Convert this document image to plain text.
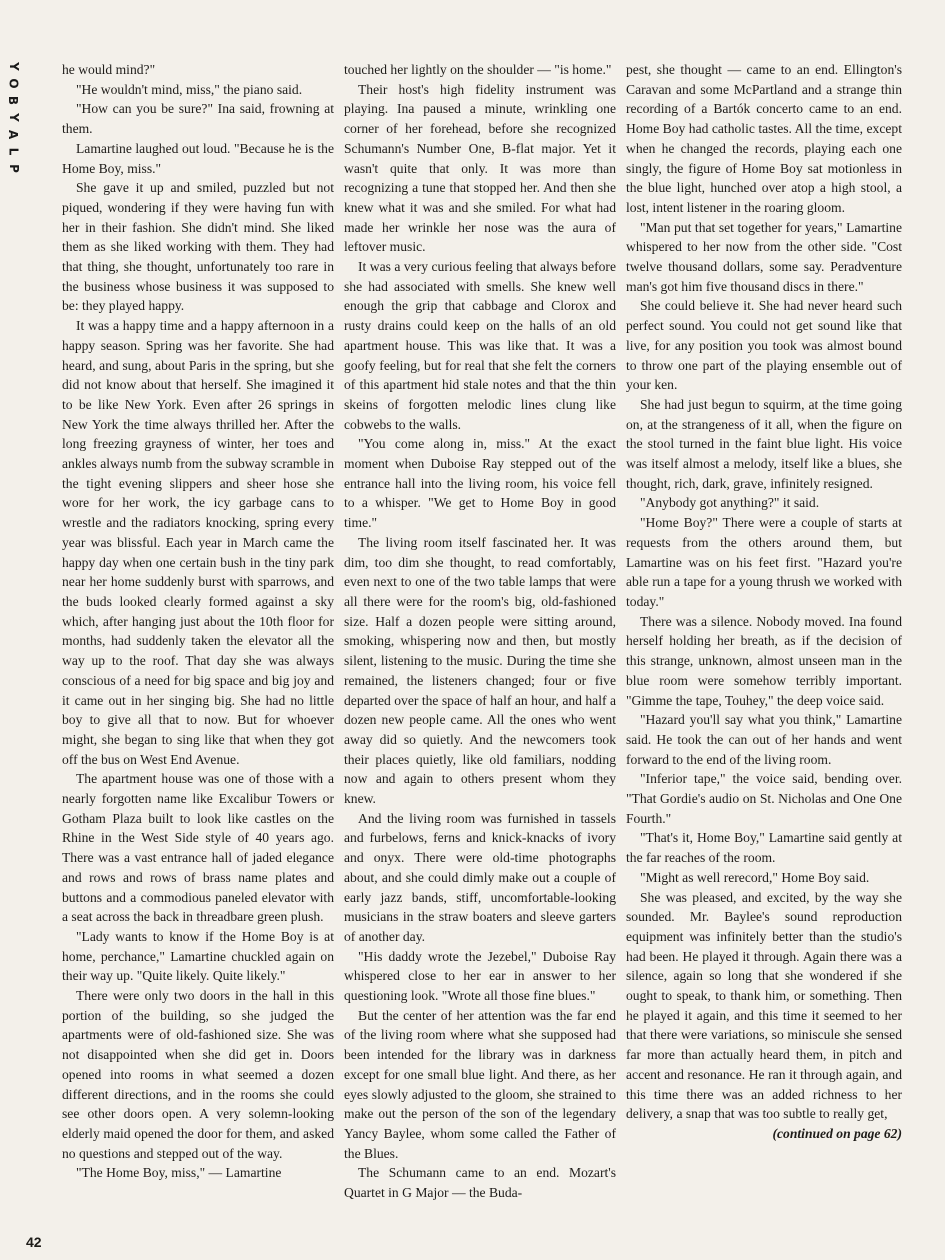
Y
O
B
Y
A
L
P

he would mind?"

"He wouldn't mind, miss," the piano said.

"How can you be sure?" Ina said, frowning at them.

Lamartine laughed out loud. "Because he is the Home Boy, miss."

She gave it up and smiled, puzzled but not piqued, wondering if they were having fun with her in their fashion. She didn't mind. She liked them as she liked working with them. They had that thing, she thought, unfortunately too rare in the business whose business it was supposed to be: they played happy.

It was a happy time and a happy afternoon in a happy season. Spring was her favorite. She had heard, and sung, about Paris in the spring, but she did not know about that herself. She imagined it to be like New York. Even after 26 springs in New York the time always thrilled her. After the long freezing grayness of winter, her toes and ankles always numb from the subway scramble in the tight evening slippers and sheer hose she wore for her work, the icy garbage cans to wrestle and the radiators knocking, spring every year was blissful. Each year in March came the happy day when one certain bush in the tiny park near her home suddenly burst with sparrows, and the buds looked clearly formed against a sky which, after hanging just about the 10th floor for months, had suddenly taken the elevator all the way up to the roof. That day she was always conscious of a need for big space and big joy and it came out in her singing big. She had no little boy to give all that to now. But for whoever might, she began to sing like that when they got off the bus on West End Avenue.

The apartment house was one of those with a nearly forgotten name like Excalibur Towers or Gotham Plaza built to look like castles on the Rhine in the West Side style of 40 years ago. There was a vast entrance hall of jaded elegance and rows and rows of brass name plates and buttons and a commodious paneled elevator with a seat across the back in threadbare green plush.

"Lady wants to know if the Home Boy is at home, perchance," Lamartine chuckled again on their way up. "Quite likely. Quite likely."

There were only two doors in the hall in this portion of the building, so she judged the apartments were of old-fashioned size. She was not disappointed when she did get in. Doors opened into rooms in what seemed a dozen different directions, and in the rooms she could see other doors open. A very solemn-looking elderly maid opened the door for them, and asked no questions and stepped out of the way.

"The Home Boy, miss," — Lamartine

touched her lightly on the shoulder — "is home."

Their host's high fidelity instrument was playing. Ina paused a minute, wrinkling one corner of her forehead, before she recognized Schumann's Number One, B-flat major. Yet it wasn't quite that only. It was more than recognizing a tune that stopped her. And then she knew what it was and she smiled. For what had made her wrinkle her nose was the aura of leftover music.

It was a very curious feeling that always before she had associated with smells. She knew well enough the grip that cabbage and Clorox and rusty drains could keep on the halls of an old apartment house. This was like that. It was a goofy feeling, but for real that she felt the corners of this apartment hid stale notes and that the thin skeins of forgotten melodic lines clung like cobwebs to the walls.

"You come along in, miss." At the exact moment when Duboise Ray stepped out of the entrance hall into the living room, his voice fell to a whisper. "We get to Home Boy in good time."

The living room itself fascinated her. It was dim, too dim she thought, to read comfortably, even next to one of the two table lamps that were all there were for the room's big, old-fashioned size. Half a dozen people were sitting around, smoking, whispering now and then, but mostly silent, listening to the music. During the time she remained, the listeners changed; four or five departed over the space of half an hour, and half a dozen new people came. All the ones who went away did so quietly. And the newcomers took their places quietly, like old familiars, nodding now and again to others present whom they knew.

And the living room was furnished in tassels and furbelows, ferns and knick-knacks of ivory and onyx. There were old-time photographs about, and she could dimly make out a couple of early jazz bands, stiff, uncomfortable-looking musicians in the straw boaters and sleeve garters of another day.

"His daddy wrote the Jezebel," Duboise Ray whispered close to her ear in answer to her questioning look. "Wrote all those fine blues."

But the center of her attention was the far end of the living room where what she supposed had been intended for the library was in darkness except for one small blue light. And there, as her eyes slowly adjusted to the gloom, she strained to make out the person of the son of the legendary Yancy Baylee, whom some called the Father of the Blues.

The Schumann came to an end. Mozart's Quartet in G Major — the Buda-

pest, she thought — came to an end. Ellington's Caravan and some McPartland and a strange thin recording of a Bartók concerto came to an end. Home Boy had catholic tastes. All the time, except when he changed the records, playing each one singly, the figure of Home Boy sat motionless in the blue light, hunched over atop a high stool, a lost, intent listener in the roaring gloom.

"Man put that set together for years," Lamartine whispered to her now from the other side. "Cost twelve thousand dollars, some say. Peradventure man's got him five thousand discs in there."

She could believe it. She had never heard such perfect sound. You could not get sound like that live, for any position you took was almost bound to throw one part of the playing ensemble out of your ken.

She had just begun to squirm, at the time going on, at the strangeness of it all, when the figure on the stool turned in the faint blue light. His voice was itself almost a melody, itself like a blues, she thought, rich, dark, grave, infinitely resigned.

"Anybody got anything?" it said.

"Home Boy?" There were a couple of starts at requests from the others around them, but Lamartine was on his feet first. "Hazard you're able run a tape for a young thrush we worked with today."

There was a silence. Nobody moved. Ina found herself holding her breath, as if the decision of this strange, unknown, almost unseen man in the blue room were somehow terribly important. "Gimme the tape, Touhey," the deep voice said.

"Hazard you'll say what you think," Lamartine said. He took the can out of her hands and went forward to the end of the living room.

"Inferior tape," the voice said, bending over. "That Gordie's audio on St. Nicholas and One One Fourth."

"That's it, Home Boy," Lamartine said gently at the far reaches of the room.

"Might as well rerecord," Home Boy said.

She was pleased, and excited, by the way she sounded. Mr. Baylee's sound reproduction equipment was infinitely better than the studio's had been. He played it through. Again there was a silence, again so long that she wondered if she ought to speak, to thank him, or something. Then he played it again, and this time it seemed to her that there were variations, so miniscule she sensed far more than actually heard them, in pitch and accent and resonance. He ran it through again, and this time there was an added richness to her delivery, a snap that was too subtle to really get,

(continued on page 62)

42
